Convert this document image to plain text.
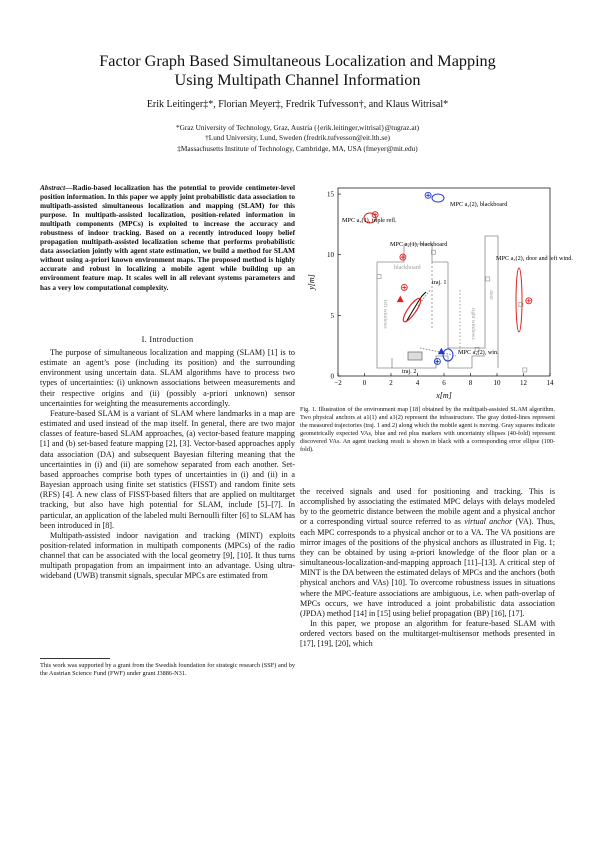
Factor Graph Based Simultaneous Localization and Mapping
Using Multipath Channel Information
Erik Leitinger‡*, Florian Meyer‡, Fredrik Tufvesson†, and Klaus Witrisal*
*Graz University of Technology, Graz, Austria ({erik.leitinger,witrisal}@tugraz.at)
†Lund University, Lund, Sweden (fredrik.tufvesson@eit.lth.se)
‡Massachusetts Institute of Technology, Cambridge, MA, USA (fmeyer@mit.edu)
Abstract—Radio-based localization has the potential to provide centimeter-level position information. In this paper we apply joint probabilistic data association to multipath-assisted simultaneous localization and mapping (SLAM) for this purpose. In multipath-assisted localization, position-related information in multipath components (MPCs) is exploited to increase the accuracy and robustness of indoor tracking. Based on a recently introduced loopy belief propagation multipath-assisted localization scheme that performs probabilistic data association jointly with agent state estimation, we build a method for SLAM without using a-priori known environment maps. The proposed method is highly accurate and robust in localizing a mobile agent while building up an environment feature map. It scales well in all relevant systems parameters and has a very low computational complexity.
I. Introduction

The purpose of simultaneous localization and mapping (SLAM) [1] is to estimate an agent’s pose (including its position) and the surrounding environment using uncertain data. SLAM algorithms have to process two types of uncertainties: (i) unknown associations between measurements and their respective origins and (ii) (possibly a-priori unknown) sensor uncertainties for weighting the measurements accordingly.

Feature-based SLAM is a variant of SLAM where landmarks in a map are estimated and used instead of the map itself. In general, there are two major classes of feature-based SLAM approaches, (a) vector-based feature mapping [1] and (b) set-based feature mapping [2], [3]. Vector-based approaches apply data association (DA) and subsequent Bayesian filtering meaning that the uncertainties in (i) and (ii) are somehow separated from each another. Set-based approaches comprise both types of uncertainties in (i) and (ii) in a Bayesian approach using finite set statistics (FISST) and random finite sets (RFS) [4]. A new class of FISST-based filters that are applied on multitarget tracking, but also have high potential for SLAM, include [5]–[7]. In particular, an application of the labeled multi Bernoulli filter [6] to SLAM has been introduced in [8].

Multipath-assisted indoor navigation and tracking (MINT) exploits position-related information in multipath components (MPCs) of the radio channel that can be associated with the local geometry [9], [10]. It thus turns multipath propagation from an impairment into an advantage. Using ultra-wideband (UWB) transmit signals, specular MPCs are estimated from

This work was supported by a grant from the Swedish foundation for strategic research (SSF) and by the Austrian Science Fund (FWF) under grant J3886-N31.
−2	0	2	4	6	8	10	12	14
0
5
10
15
x[m]
y[m]
blackboard
door
left windows	right windows
MPC a₃(1), triple refl.
MPC a₂(2), blackboard
MPC a₂(1), blackboard
MPC a₃(2), door and left wind.
MPC a₄(2), win.
traj. 1
traj. 2
Fig. 1. Illustration of the environment map [18] obtained by the multipath-assisted SLAM algorithm. Two physical anchors at a1(1) and a1(2) represent the infrastructure. The gray dotted-lines represent the measured trajectories (traj. 1 and 2) along which the mobile agent is moving. Gray squares indicate geometrically expected VAs, blue and red plus markers with uncertainty ellipses (40-fold) represent discovered VAs. An agent tracking result is shown in black with a corresponding error ellipse (100-fold).

the received signals and used for positioning and tracking. This is accomplished by associating the estimated MPC delays with delays modeled by to the geometric distance between the mobile agent and a physical anchor or a corresponding virtual source referred to as virtual anchor (VA). Thus, each MPC corresponds to a physical anchor or to a VA. The VA positions are mirror images of the positions of the physical anchors as illustrated in Fig. 1; they can be obtained by using a-priori knowledge of the floor plan or a simultaneous-localization-and-mapping approach [11]–[13]. A critical step of MINT is the DA between the estimated delays of MPCs and the anchors (both physical anchors and VAs) [10]. To overcome robustness issues in situations where the MPC-feature associations are ambiguous, i.e. when path-overlap of MPCs occurs, we have introduced a joint probabilistic data association (JPDA) method [14] in [15] using belief propagation (BP) [16], [17].

In this paper, we propose an algorithm for feature-based SLAM with ordered vectors based on the multitarget-multisensor methods presented in [17], [19], [20], which
